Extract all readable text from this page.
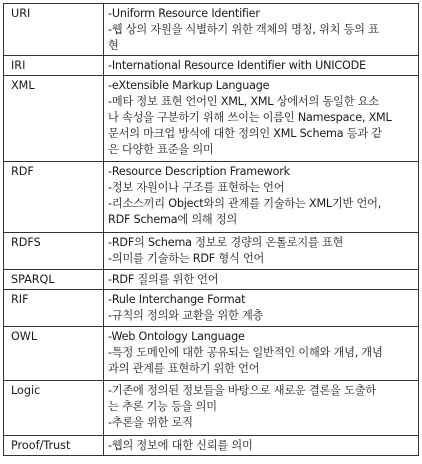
URI	-Uniform Resource Identifier
-웹 상의 자원을 식별하기 위한 객체의 명칭, 위치 등의 표
현

IRI	-International Resource Identifier with UNICODE

XML	-eXtensible Markup Language
-메타 정보 표현 언어인 XML, XML 상에서의 동일한 요소
나 속성을 구분하기 위해 쓰이는 이름인 Namespace, XML
문서의 마크업 방식에 대한 정의인 XML Schema 등과 같
은 다양한 표준을 의미

RDF	-Resource Description Framework
-정보 자원이나 구조를 표현하는 언어
-리소스끼리 Object와의 관계를 기술하는 XML기반 언어,
RDF Schema에 의해 정의

RDFS	-RDF의 Schema 정보로 경량의 온톨로지를 표현
-의미를 기술하는 RDF 형식 언어

SPARQL	-RDF 질의를 위한 언어

RIF	-Rule Interchange Format
-규칙의 정의와 교환을 위한 계층

OWL	-Web Ontology Language
-특정 도메인에 대한 공유되는 일반적인 이해와 개념, 개념
과의 관계를 표현하기 위한 언어

Logic	-기존에 정의된 정보들을 바탕으로 새로운 결론을 도출하
는 추론 기능 등을 의미
-추론을 위한 로직

Proof/Trust	-웹의 정보에 대한 신뢰를 의미
